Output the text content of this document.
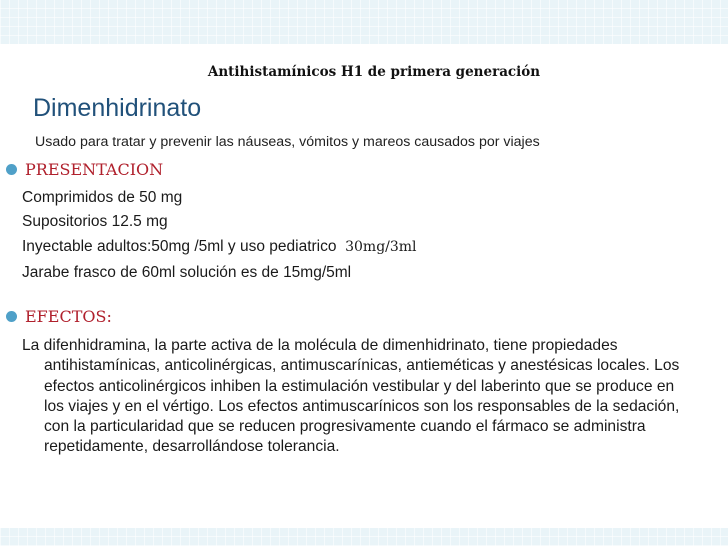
Antihistamínicos H1 de primera generación
Dimenhidrinato
Usado para tratar y prevenir las náuseas, vómitos y mareos causados por viajes
PRESENTACION
Comprimidos de 50 mg
Supositorios 12.5 mg
Inyectable adultos:50mg /5ml y uso pediatrico 30mg/3ml
Jarabe frasco de 60ml solución es de 15mg/5ml
EFECTOS:
La difenhidramina, la parte activa de la molécula de dimenhidrinato, tiene propiedades antihistamínicas, anticolinérgicas, antimuscarínicas, antieméticas y anestésicas locales. Los efectos anticolinérgicos inhiben la estimulación vestibular y del laberinto que se produce en los viajes y en el vértigo. Los efectos antimuscarínicos son los responsables de la sedación, con la particularidad que se reducen progresivamente cuando el fármaco se administra repetidamente, desarrollándose tolerancia.
